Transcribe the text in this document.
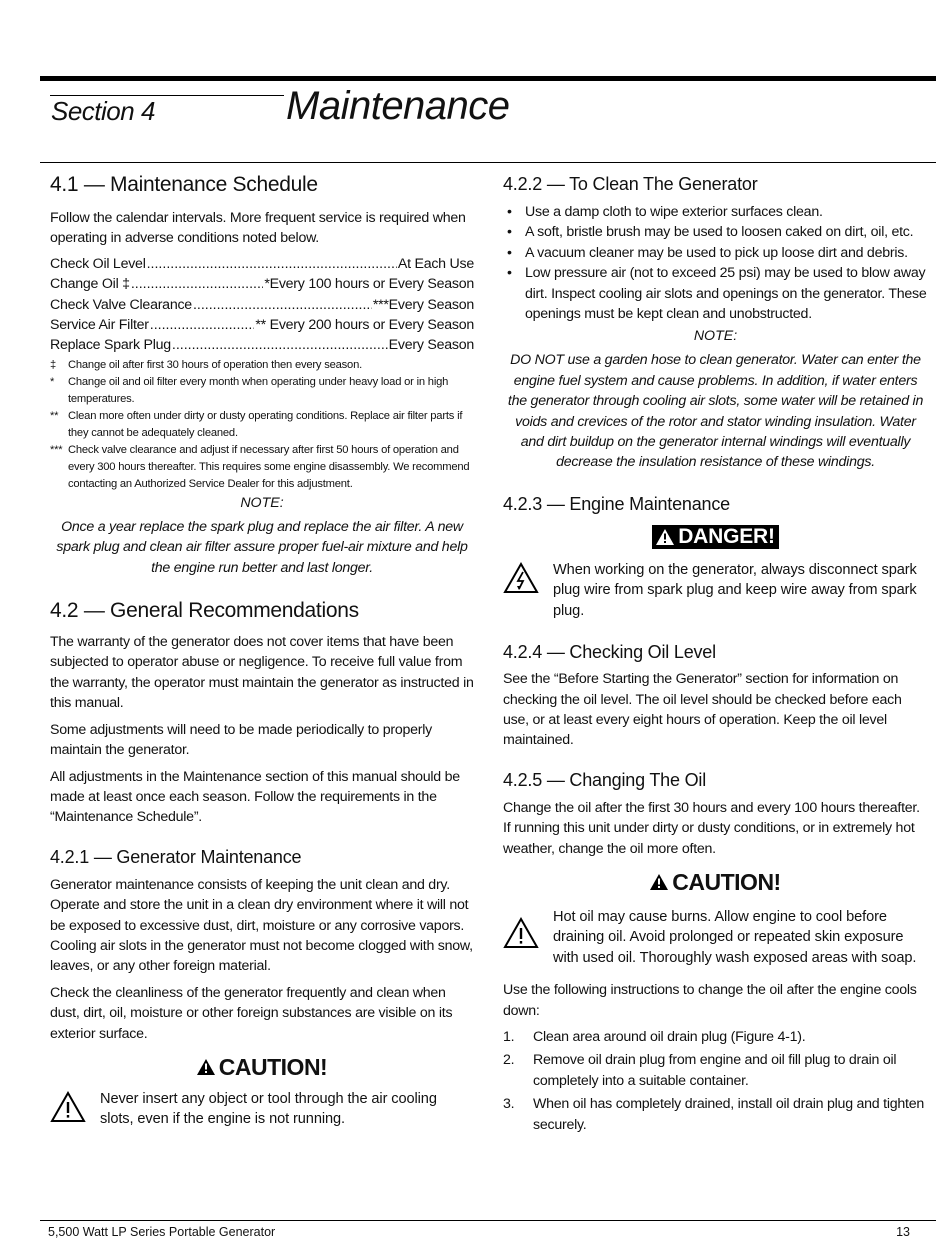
Section 4	Maintenance
4.1 — Maintenance Schedule

Follow the calendar intervals. More frequent service is required when operating in adverse conditions noted below.

Check Oil Level .....	At Each Use
Change Oil ‡ .....	*Every 100 hours or Every Season
Check Valve Clearance .....	***Every Season
Service Air Filter .....	** Every 200 hours or Every Season
Replace Spark Plug .....	Every Season
‡	Change oil after first 30 hours of operation then every season.
*	Change oil and oil filter every month when operating under heavy load or in high temperatures.
** Clean more often under dirty or dusty operating conditions. Replace air filter parts if they cannot be adequately cleaned.
*** Check valve clearance and adjust if necessary after first 50 hours of operation and every 300 hours thereafter. This requires some engine disassembly. We recommend contacting an Authorized Service Dealer for this adjustment.
NOTE:

Once a year replace the spark plug and replace the air filter. A new spark plug and clean air filter assure proper fuel-air mixture and help the engine run better and last longer.

4.2 — General Recommendations

The warranty of the generator does not cover items that have been subjected to operator abuse or negligence. To receive full value from the warranty, the operator must maintain the generator as instructed in this manual.

Some adjustments will need to be made periodically to properly maintain the generator.

All adjustments in the Maintenance section of this manual should be made at least once each season. Follow the requirements in the “Maintenance Schedule”.

4.2.1 — Generator Maintenance

Generator maintenance consists of keeping the unit clean and dry. Operate and store the unit in a clean dry environment where it will not be exposed to excessive dust, dirt, moisture or any corrosive vapors. Cooling air slots in the generator must not become clogged with snow, leaves, or any other foreign material.

Check the cleanliness of the generator frequently and clean when dust, dirt, oil, moisture or other foreign substances are visible on its exterior surface.

CAUTION!
Never insert any object or tool through the air cooling slots, even if the engine is not running.
4.2.2 — To Clean The Generator
• Use a damp cloth to wipe exterior surfaces clean.
• A soft, bristle brush may be used to loosen caked on dirt, oil, etc.
• A vacuum cleaner may be used to pick up loose dirt and debris.
• Low pressure air (not to exceed 25 psi) may be used to blow away dirt. Inspect cooling air slots and openings on the generator. These openings must be kept clean and unobstructed.
NOTE:

DO NOT use a garden hose to clean generator. Water can enter the engine fuel system and cause problems. In addition, if water enters the generator through cooling air slots, some water will be retained in voids and crevices of the rotor and stator winding insulation. Water and dirt buildup on the generator internal windings will eventually decrease the insulation resistance of these windings.

4.2.3 — Engine Maintenance
DANGER!
When working on the generator, always disconnect spark plug wire from spark plug and keep wire away from spark plug.
4.2.4 — Checking Oil Level

See the “Before Starting the Generator” section for information on checking the oil level. The oil level should be checked before each use, or at least every eight hours of operation. Keep the oil level maintained.

4.2.5 — Changing The Oil

Change the oil after the first 30 hours and every 100 hours thereafter. If running this unit under dirty or dusty conditions, or in extremely hot weather, change the oil more often.

CAUTION!
Hot oil may cause burns. Allow engine to cool before draining oil. Avoid prolonged or repeated skin exposure with used oil. Thoroughly wash exposed areas with soap.

Use the following instructions to change the oil after the engine cools down:

1.	Clean area around oil drain plug (Figure 4-1).
2.	Remove oil drain plug from engine and oil fill plug to drain oil completely into a suitable container.
3.	When oil has completely drained, install oil drain plug and tighten securely.
5,500 Watt LP Series Portable Generator	13
